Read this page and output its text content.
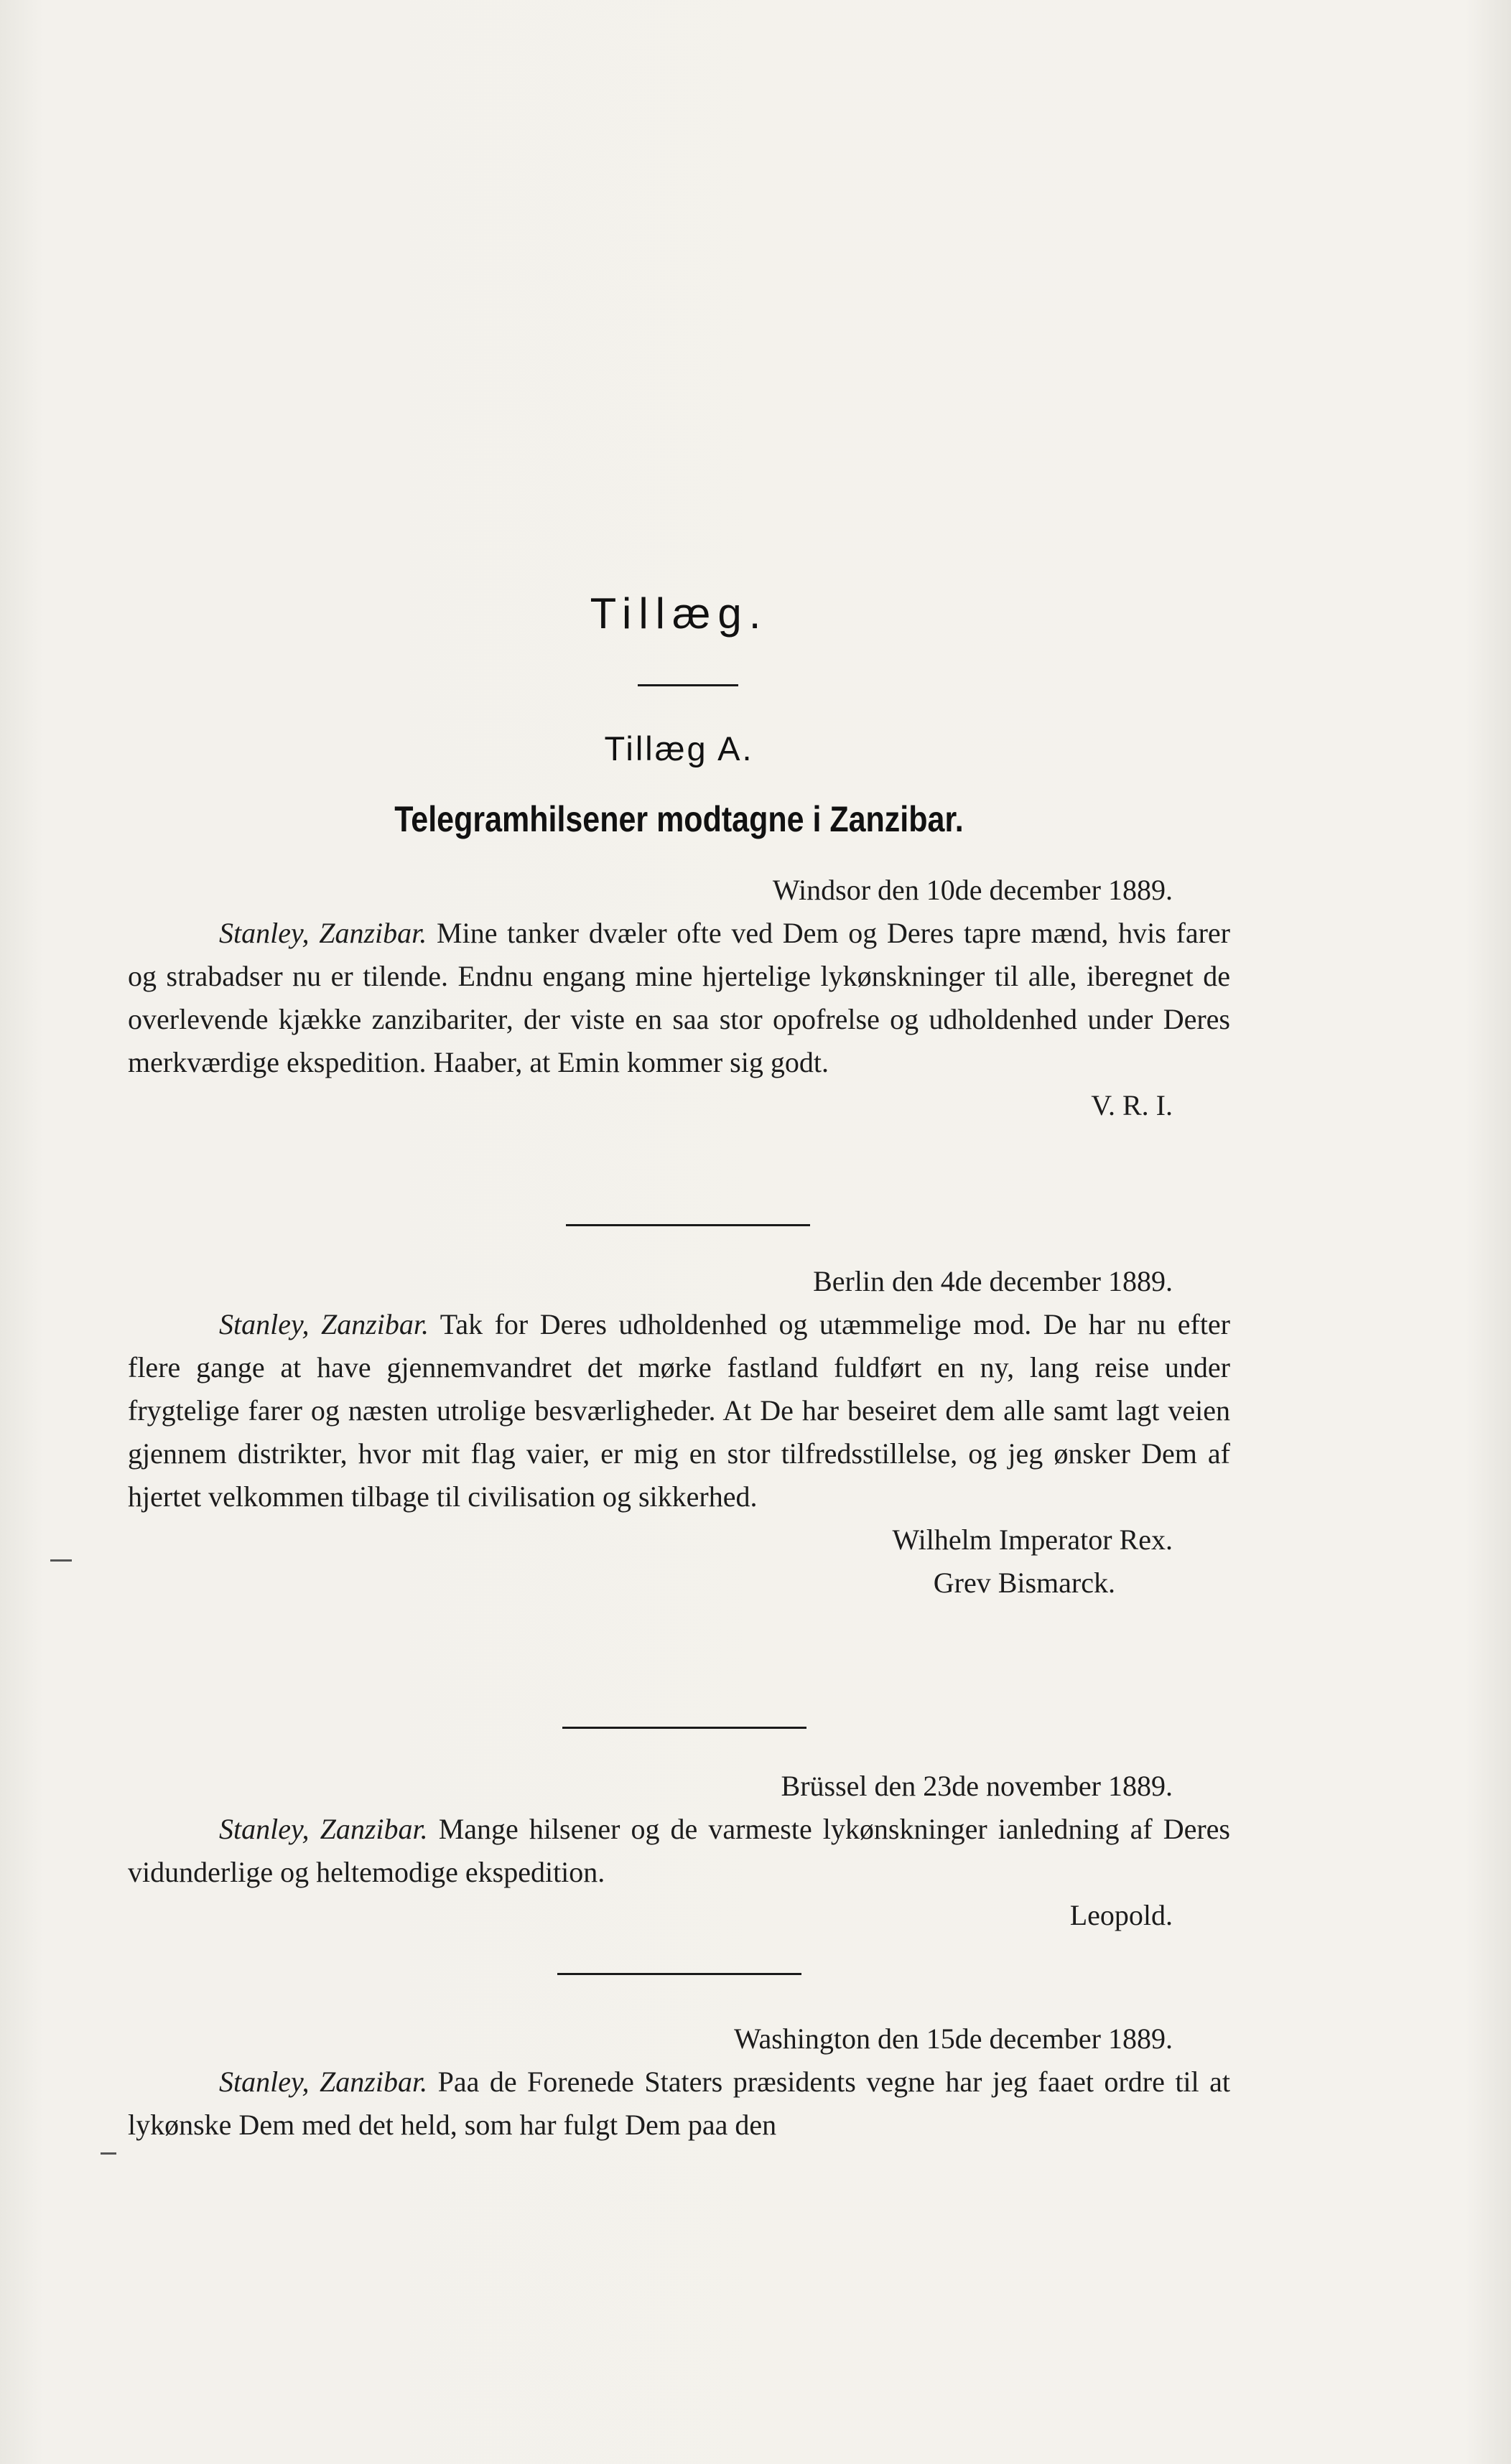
Tillæg.
Tillæg A.
Telegramhilsener modtagne i Zanzibar.

Windsor den 10de december 1889.

Stanley, Zanzibar. Mine tanker dvæler ofte ved Dem og Deres tapre mænd, hvis farer og strabadser nu er tilende. Endnu engang mine hjertelige lykønskninger til alle, iberegnet de overlevende kjække zanzibariter, der viste en saa stor opofrelse og udholdenhed under Deres merkværdige ekspedition. Haaber, at Emin kommer sig godt.

V. R. I.

Berlin den 4de december 1889.

Stanley, Zanzibar. Tak for Deres udholdenhed og utæmmelige mod. De har nu efter flere gange at have gjennemvandret det mørke fastland fuldført en ny, lang reise under frygtelige farer og næsten utrolige besværligheder. At De har beseiret dem alle samt lagt veien gjennem distrikter, hvor mit flag vaier, er mig en stor tilfredsstillelse, og jeg ønsker Dem af hjertet velkommen tilbage til civilisation og sikkerhed.

Wilhelm Imperator Rex.

Grev Bismarck.

Brüssel den 23de november 1889.

Stanley, Zanzibar. Mange hilsener og de varmeste lykønskninger ianledning af Deres vidunderlige og heltemodige ekspedition.

Leopold.

Washington den 15de december 1889.

Stanley, Zanzibar. Paa de Forenede Staters præsidents vegne har jeg faaet ordre til at lykønske Dem med det held, som har fulgt Dem paa den
